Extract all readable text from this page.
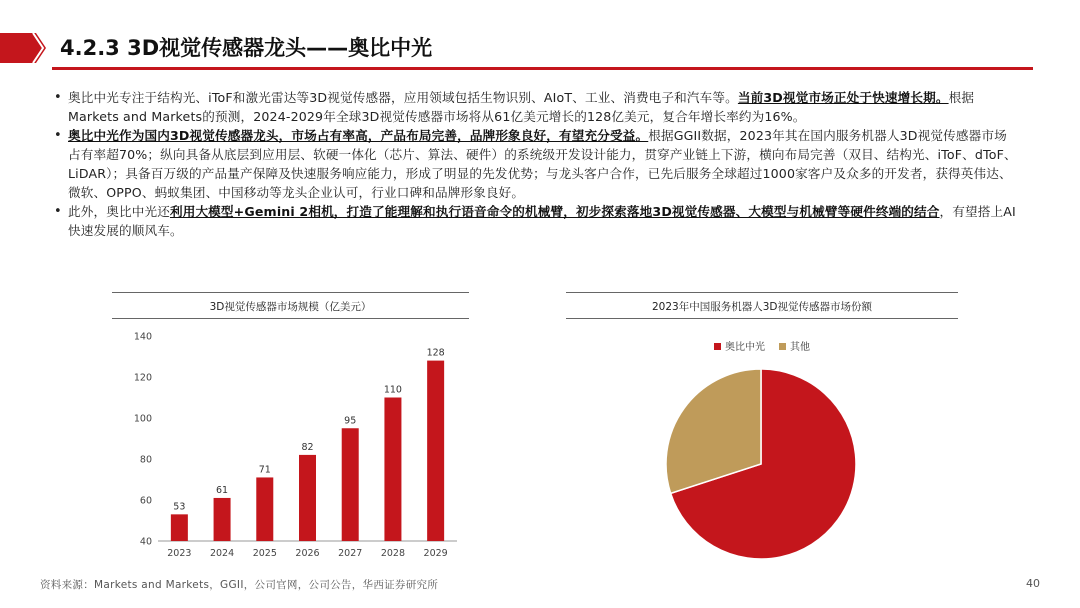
4.2.3 3D视觉传感器龙头——奥比中光
• 奥比中光专注于结构光、iToF和激光雷达等3D视觉传感器，应用领域包括生物识别、AIoT、工业、消费电子和汽车等。当前3D视觉市场正处于快速增长期。根据Markets and Markets的预测，2024-2029年全球3D视觉传感器市场将从61亿美元增长的128亿美元，复合年增长率约为16%。
• 奥比中光作为国内3D视觉传感器龙头，市场占有率高，产品布局完善，品牌形象良好，有望充分受益。根据GGII数据，2023年其在国内服务机器人3D视觉传感器市场占有率超70%；纵向具备从底层到应用层、软硬一体化（芯片、算法、硬件）的系统级开发设计能力，贯穿产业链上下游，横向布局完善（双目、结构光、iToF、dToF、LiDAR）；具备百万级的产品量产保障及快速服务响应能力，形成了明显的先发优势；与龙头客户合作，已先后服务全球超过1000家客户及众多的开发者，获得英伟达、微软、OPPO、蚂蚁集团、中国移动等龙头企业认可，行业口碑和品牌形象良好。
• 此外，奥比中光还利用大模型+Gemini 2相机，打造了能理解和执行语音命令的机械臂，初步探索落地3D视觉传感器、大模型与机械臂等硬件终端的结合，有望搭上AI快速发展的顺风车。
3D视觉传感器市场规模（亿美元）
40
60
80
100
120
140
53
2023
61
2024
71
2025
82
2026
95
2027
110
2028
128
2029
2023年中国服务机器人3D视觉传感器市场份额
奥比中光	其他
资料来源：Markets and Markets，GGII，公司官网，公司公告，华西证券研究所	40
